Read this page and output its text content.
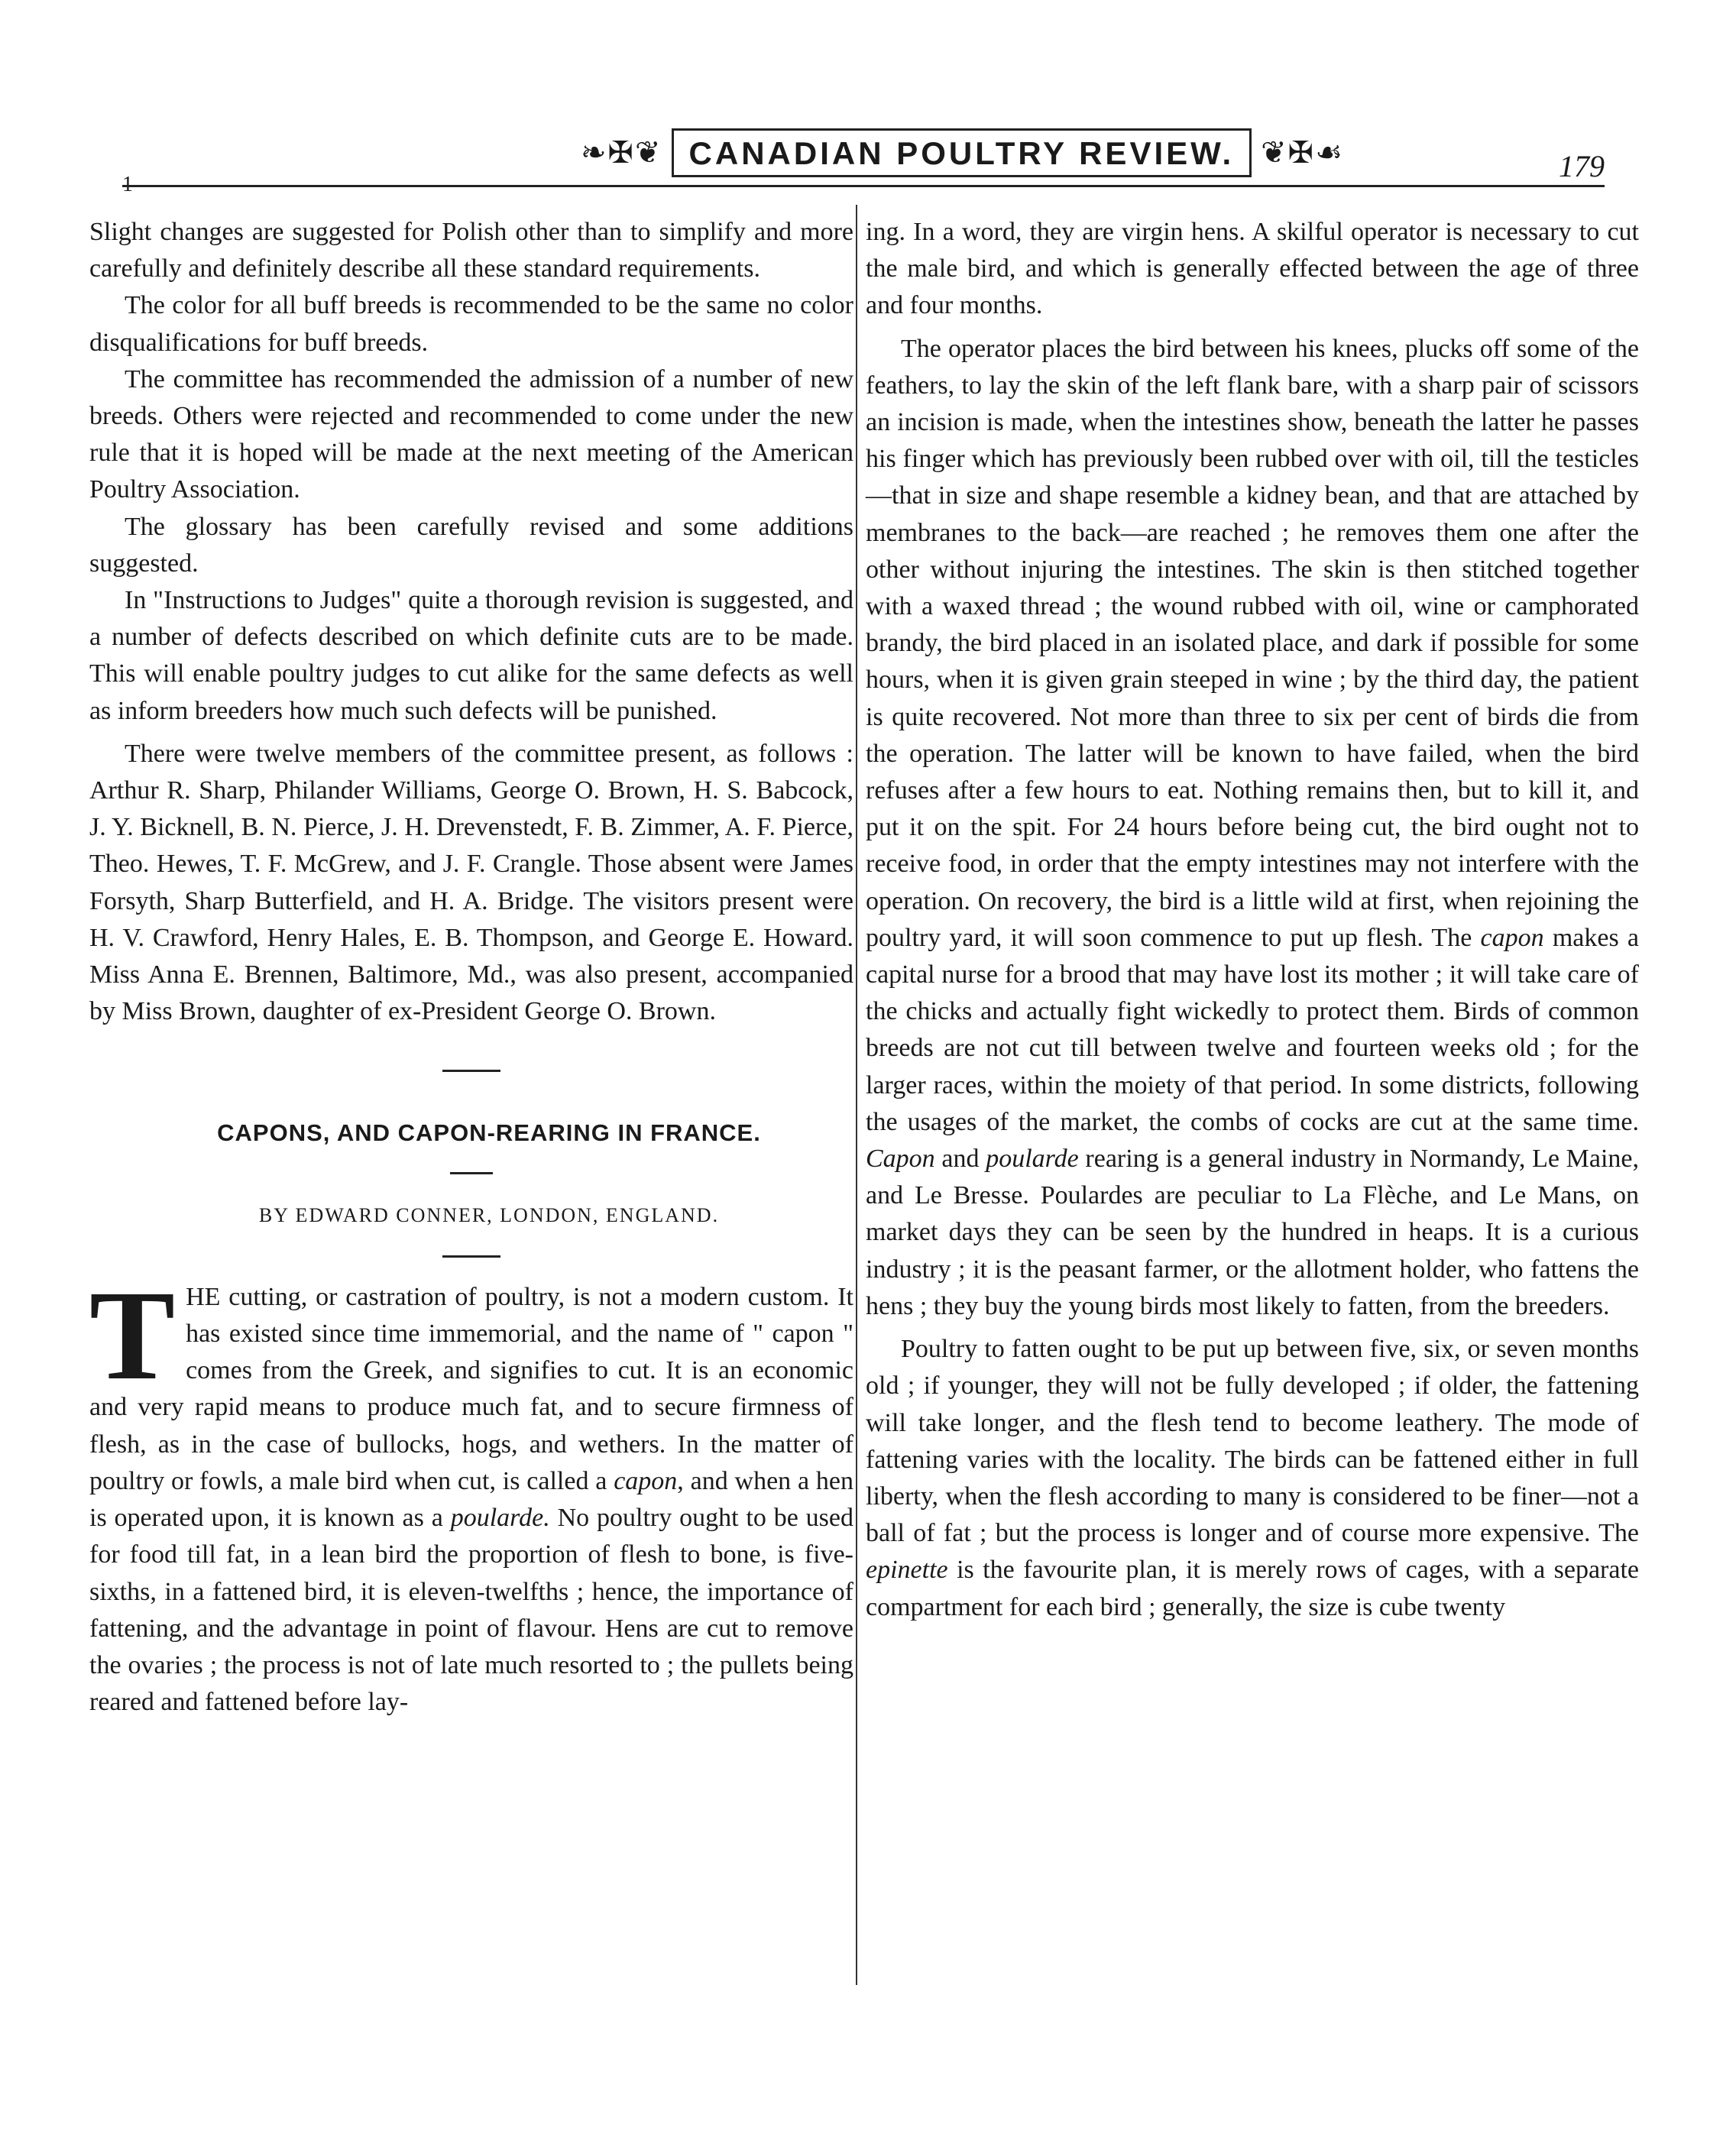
1
❧✠❦ CANADIAN POULTRY REVIEW. ❦✠☙	179

Slight changes are suggested for Polish other than to simplify and more carefully and definitely describe all these standard requirements.

The color for all buff breeds is recommended to be the same no color disqualifications for buff breeds.

The committee has recommended the admission of a number of new breeds. Others were rejected and recommended to come under the new rule that it is hoped will be made at the next meeting of the American Poultry Association.

The glossary has been carefully revised and some additions suggested.

In "Instructions to Judges" quite a thorough revision is suggested, and a number of defects described on which definite cuts are to be made. This will enable poultry judges to cut alike for the same defects as well as inform breeders how much such defects will be punished.

There were twelve members of the committee present, as follows : Arthur R. Sharp, Philander Williams, George O. Brown, H. S. Babcock, J. Y. Bicknell, B. N. Pierce, J. H. Drevenstedt, F. B. Zimmer, A. F. Pierce, Theo. Hewes, T. F. McGrew, and J. F. Crangle. Those absent were James Forsyth, Sharp Butterfield, and H. A. Bridge. The visitors present were H. V. Crawford, Henry Hales, E. B. Thompson, and George E. Howard. Miss Anna E. Brennen, Baltimore, Md., was also present, accompanied by Miss Brown, daughter of ex-President George O. Brown.

CAPONS, AND CAPON-REARING IN FRANCE.

BY EDWARD CONNER, LONDON, ENGLAND.

THE cutting, or castration of poultry, is not a modern custom. It has existed since time immemorial, and the name of " capon " comes from the Greek, and signifies to cut. It is an economic and very rapid means to produce much fat, and to secure firmness of flesh, as in the case of bullocks, hogs, and wethers. In the matter of poultry or fowls, a male bird when cut, is called a capon, and when a hen is operated upon, it is known as a poularde. No poultry ought to be used for food till fat, in a lean bird the proportion of flesh to bone, is five-sixths, in a fattened bird, it is eleven-twelfths ; hence, the importance of fattening, and the advantage in point of flavour. Hens are cut to remove the ovaries ; the process is not of late much resorted to ; the pullets being reared and fattened before lay-

ing. In a word, they are virgin hens. A skilful operator is necessary to cut the male bird, and which is generally effected between the age of three and four months.

The operator places the bird between his knees, plucks off some of the feathers, to lay the skin of the left flank bare, with a sharp pair of scissors an incision is made, when the intestines show, beneath the latter he passes his finger which has previously been rubbed over with oil, till the testicles—that in size and shape resemble a kidney bean, and that are attached by membranes to the back—are reached ; he removes them one after the other without injuring the intestines. The skin is then stitched together with a waxed thread ; the wound rubbed with oil, wine or camphorated brandy, the bird placed in an isolated place, and dark if possible for some hours, when it is given grain steeped in wine ; by the third day, the patient is quite recovered. Not more than three to six per cent of birds die from the operation. The latter will be known to have failed, when the bird refuses after a few hours to eat. Nothing remains then, but to kill it, and put it on the spit. For 24 hours before being cut, the bird ought not to receive food, in order that the empty intestines may not interfere with the operation. On recovery, the bird is a little wild at first, when rejoining the poultry yard, it will soon commence to put up flesh. The capon makes a capital nurse for a brood that may have lost its mother ; it will take care of the chicks and actually fight wickedly to protect them. Birds of common breeds are not cut till between twelve and fourteen weeks old ; for the larger races, within the moiety of that period. In some districts, following the usages of the market, the combs of cocks are cut at the same time. Capon and poularde rearing is a general industry in Normandy, Le Maine, and Le Bresse. Poulardes are peculiar to La Flèche, and Le Mans, on market days they can be seen by the hundred in heaps. It is a curious industry ; it is the peasant farmer, or the allotment holder, who fattens the hens ; they buy the young birds most likely to fatten, from the breeders.

Poultry to fatten ought to be put up between five, six, or seven months old ; if younger, they will not be fully developed ; if older, the fattening will take longer, and the flesh tend to become leathery. The mode of fattening varies with the locality. The birds can be fattened either in full liberty, when the flesh according to many is considered to be finer—not a ball of fat ; but the process is longer and of course more expensive. The epinette is the favourite plan, it is merely rows of cages, with a separate compartment for each bird ; generally, the size is cube twenty
